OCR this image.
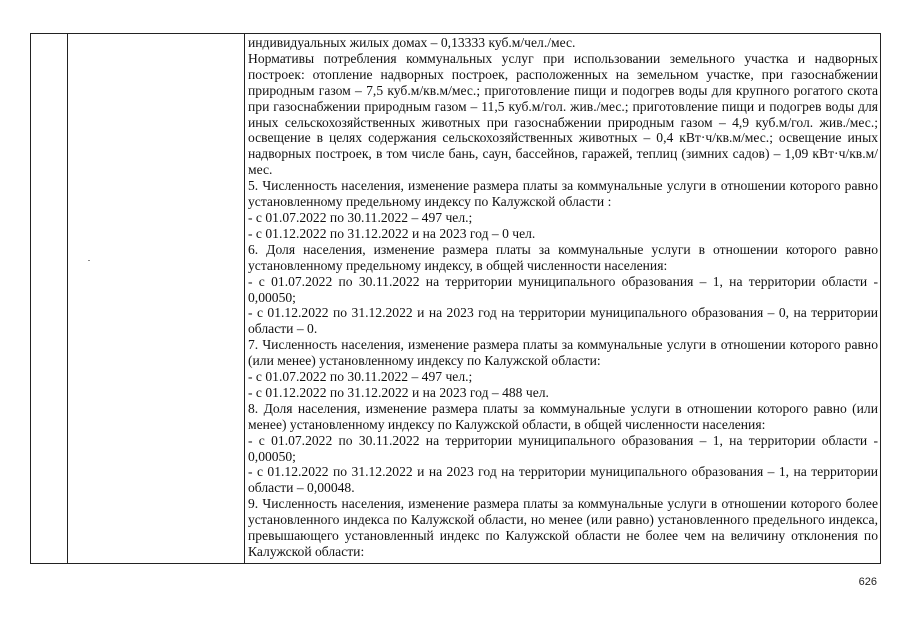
индивидуальных жилых домах – 0,13333 куб.м/чел./мес.

Нормативы потребления коммунальных услуг при использовании земельного участка и надворных построек: отопление надворных построек, расположенных на земельном участке, при газоснабжении природным газом – 7,5 куб.м/кв.м/мес.; приготовление пищи и подогрев воды для крупного рогатого скота при газоснабжении природным газом – 11,5 куб.м/гол. жив./мес.; приготовление пищи и подогрев воды для иных сельскохозяйственных животных при газоснабжении природным газом – 4,9 куб.м/гол. жив./мес.; освещение в целях содержания сельскохозяйственных животных – 0,4 кВт·ч/кв.м/мес.; освещение иных надворных построек, в том числе бань, саун, бассейнов, гаражей, теплиц (зимних садов) – 1,09 кВт·ч/кв.м/мес.

5. Численность населения, изменение размера платы за коммунальные услуги в отношении которого равно установленному предельному индексу по Калужской области :

- с 01.07.2022 по 30.11.2022 – 497 чел.;

- с 01.12.2022 по 31.12.2022 и на 2023 год – 0 чел.

6. Доля населения, изменение размера платы за коммунальные услуги в отношении которого равно установленному предельному индексу, в общей численности населения:

- с 01.07.2022 по 30.11.2022 на территории муниципального образования – 1, на территории области - 0,00050;

- с 01.12.2022 по 31.12.2022 и на 2023 год на территории муниципального образования – 0, на территории области – 0.

7. Численность населения, изменение размера платы за коммунальные услуги в отношении которого равно (или менее) установленному индексу по Калужской области:

- с 01.07.2022 по 30.11.2022 – 497 чел.;

- с 01.12.2022 по 31.12.2022 и на 2023 год – 488 чел.

8. Доля населения, изменение размера платы за коммунальные услуги в отношении которого равно (или менее) установленному индексу по Калужской области, в общей численности населения:

- с 01.07.2022 по 30.11.2022 на территории муниципального образования – 1, на территории области - 0,00050;

- с 01.12.2022 по 31.12.2022 и на 2023 год на территории муниципального образования – 1, на территории области – 0,00048.

9. Численность населения, изменение размера платы за коммунальные услуги в отношении которого более установленного индекса по Калужской области, но менее (или равно) установленного предельного индекса, превышающего установленный индекс по Калужской области не более чем на величину отклонения по Калужской области:

626
